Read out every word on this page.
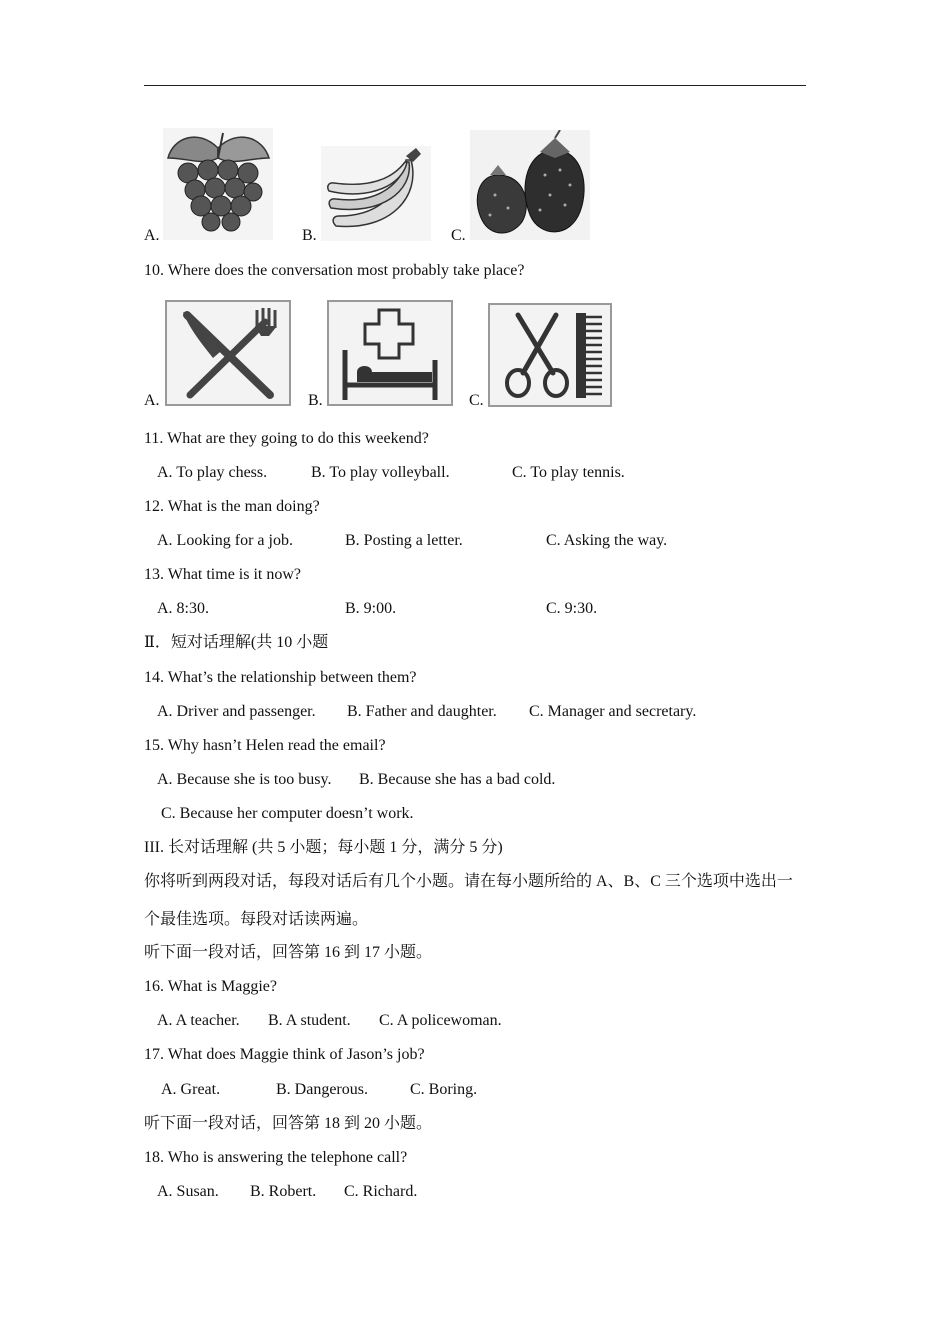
A.	B.	C.
10. Where does the conversation most probably take place?
A.	B.	C.
11. What are they going to do this weekend?
A. To play chess.	B. To play volleyball.	C. To play tennis.
12. What is the man doing?
A. Looking for a job.	B. Posting a letter.	C. Asking the way.
13. What time is it now?
A. 8:30.	B. 9:00.	C. 9:30.
Ⅱ．短对话理解(共 10 小题
14. What’s the relationship between them?
A. Driver and passenger. B. Father and daughter. C. Manager and secretary.
15. Why hasn’t Helen read the email?
A. Because she is too busy. B. Because she has a bad cold.
C. Because her computer doesn’t work.
III. 长对话理解 (共 5 小题；每小题 1 分，满分 5 分)
你将听到两段对话，每段对话后有几个小题。请在每小题所给的 A、B、C 三个选项中选出一
个最佳选项。每段对话读两遍。
听下面一段对话，回答第 16 到 17 小题。
16. What is Maggie?
A. A teacher. B. A student. C. A policewoman.
17. What does Maggie think of Jason’s job?
A. Great.	B. Dangerous.	C. Boring.
听下面一段对话，回答第 18 到 20 小题。
18. Who is answering the telephone call?
A. Susan. B. Robert. C. Richard.
